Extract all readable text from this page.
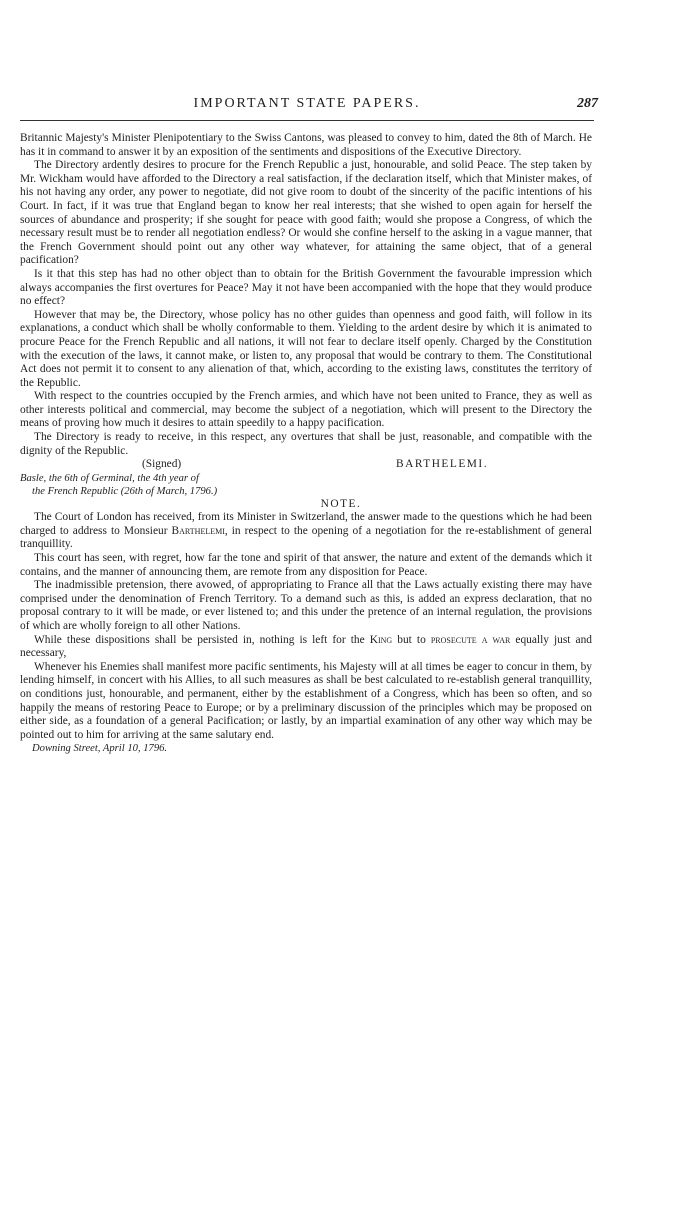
IMPORTANT STATE PAPERS.	287

Britannic Majesty's Minister Plenipotentiary to the Swiss Cantons, was pleased to convey to him, dated the 8th of March. He has it in command to answer it by an exposition of the sentiments and dispositions of the Executive Directory.

The Directory ardently desires to procure for the French Republic a just, honourable, and solid Peace. The step taken by Mr. Wickham would have afforded to the Directory a real satisfaction, if the declaration itself, which that Minister makes, of his not having any order, any power to negotiate, did not give room to doubt of the sincerity of the pacific intentions of his Court. In fact, if it was true that England began to know her real interests; that she wished to open again for herself the sources of abundance and prosperity; if she sought for peace with good faith; would she propose a Congress, of which the necessary result must be to render all negotiation endless? Or would she confine herself to the asking in a vague manner, that the French Government should point out any other way whatever, for attaining the same object, that of a general pacification?

Is it that this step has had no other object than to obtain for the British Government the favourable impression which always accompanies the first overtures for Peace? May it not have been accompanied with the hope that they would produce no effect?

However that may be, the Directory, whose policy has no other guides than openness and good faith, will follow in its explanations, a conduct which shall be wholly conformable to them. Yielding to the ardent desire by which it is animated to procure Peace for the French Republic and all nations, it will not fear to declare itself openly. Charged by the Constitution with the execution of the laws, it cannot make, or listen to, any proposal that would be contrary to them. The Constitutional Act does not permit it to consent to any alienation of that, which, according to the existing laws, constitutes the territory of the Republic.

With respect to the countries occupied by the French armies, and which have not been united to France, they as well as other interests political and commercial, may become the subject of a negotiation, which will present to the Directory the means of proving how much it desires to attain speedily to a happy pacification.

The Directory is ready to receive, in this respect, any overtures that shall be just, reasonable, and compatible with the dignity of the Republic.

(Signed)	BARTHELEMI.
Basle, the 6th of Germinal, the 4th year of
the French Republic (26th of March, 1796.)
NOTE.

The Court of London has received, from its Minister in Switzerland, the answer made to the questions which he had been charged to address to Monsieur Barthelemi, in respect to the opening of a negotiation for the re-establishment of general tranquillity.

This court has seen, with regret, how far the tone and spirit of that answer, the nature and extent of the demands which it contains, and the manner of announcing them, are remote from any disposition for Peace.

The inadmissible pretension, there avowed, of appropriating to France all that the Laws actually existing there may have comprised under the denomination of French Territory. To a demand such as this, is added an express declaration, that no proposal contrary to it will be made, or ever listened to; and this under the pretence of an internal regulation, the provisions of which are wholly foreign to all other Nations.

While these dispositions shall be persisted in, nothing is left for the King but to prosecute a war equally just and necessary,

Whenever his Enemies shall manifest more pacific sentiments, his Majesty will at all times be eager to concur in them, by lending himself, in concert with his Allies, to all such measures as shall be best calculated to re-establish general tranquillity, on conditions just, honourable, and permanent, either by the establishment of a Congress, which has been so often, and so happily the means of restoring Peace to Europe; or by a preliminary discussion of the principles which may be proposed on either side, as a foundation of a general Pacification; or lastly, by an impartial examination of any other way which may be pointed out to him for arriving at the same salutary end.

Downing Street, April 10, 1796.
